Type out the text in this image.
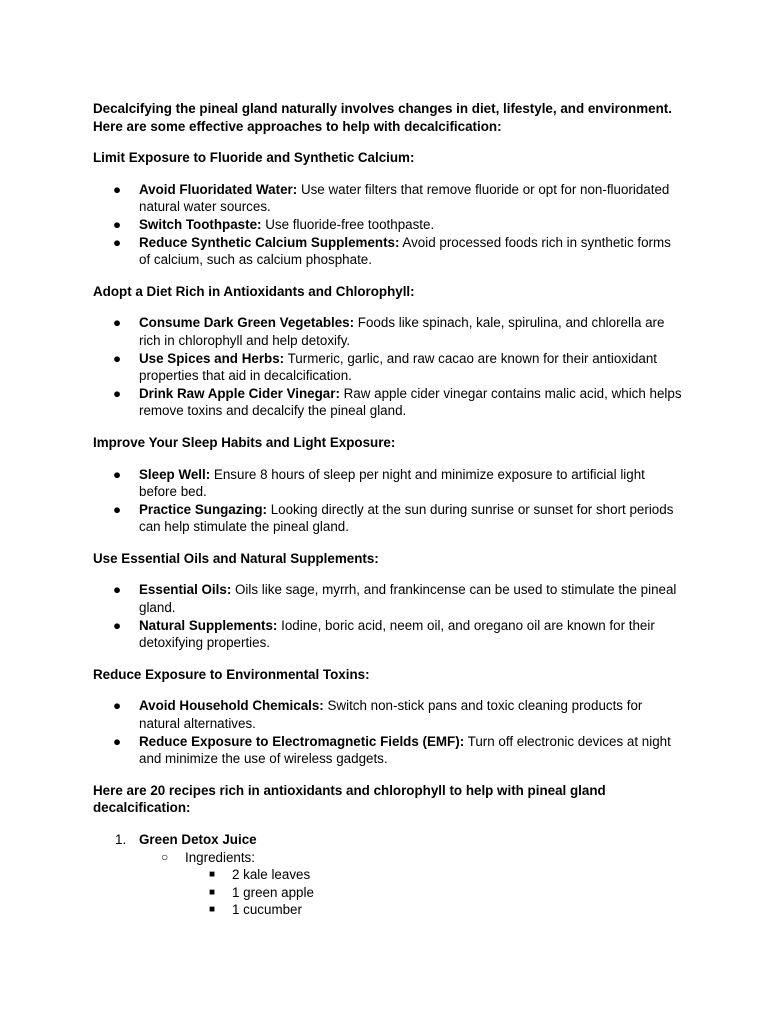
Decalcifying the pineal gland naturally involves changes in diet, lifestyle, and environment. Here are some effective approaches to help with decalcification:

Limit Exposure to Fluoride and Synthetic Calcium:

● Avoid Fluoridated Water: Use water filters that remove fluoride or opt for non-fluoridated natural water sources.
● Switch Toothpaste: Use fluoride-free toothpaste.
● Reduce Synthetic Calcium Supplements: Avoid processed foods rich in synthetic forms of calcium, such as calcium phosphate.

Adopt a Diet Rich in Antioxidants and Chlorophyll:

● Consume Dark Green Vegetables: Foods like spinach, kale, spirulina, and chlorella are rich in chlorophyll and help detoxify.
● Use Spices and Herbs: Turmeric, garlic, and raw cacao are known for their antioxidant properties that aid in decalcification.
● Drink Raw Apple Cider Vinegar: Raw apple cider vinegar contains malic acid, which helps remove toxins and decalcify the pineal gland.

Improve Your Sleep Habits and Light Exposure:

● Sleep Well: Ensure 8 hours of sleep per night and minimize exposure to artificial light before bed.
● Practice Sungazing: Looking directly at the sun during sunrise or sunset for short periods can help stimulate the pineal gland.

Use Essential Oils and Natural Supplements:

● Essential Oils: Oils like sage, myrrh, and frankincense can be used to stimulate the pineal gland.
● Natural Supplements: Iodine, boric acid, neem oil, and oregano oil are known for their detoxifying properties.

Reduce Exposure to Environmental Toxins:

● Avoid Household Chemicals: Switch non-stick pans and toxic cleaning products for natural alternatives.
● Reduce Exposure to Electromagnetic Fields (EMF): Turn off electronic devices at night and minimize the use of wireless gadgets.

Here are 20 recipes rich in antioxidants and chlorophyll to help with pineal gland decalcification:

1. Green Detox Juice
○ Ingredients:
■ 2 kale leaves
■ 1 green apple
■ 1 cucumber
